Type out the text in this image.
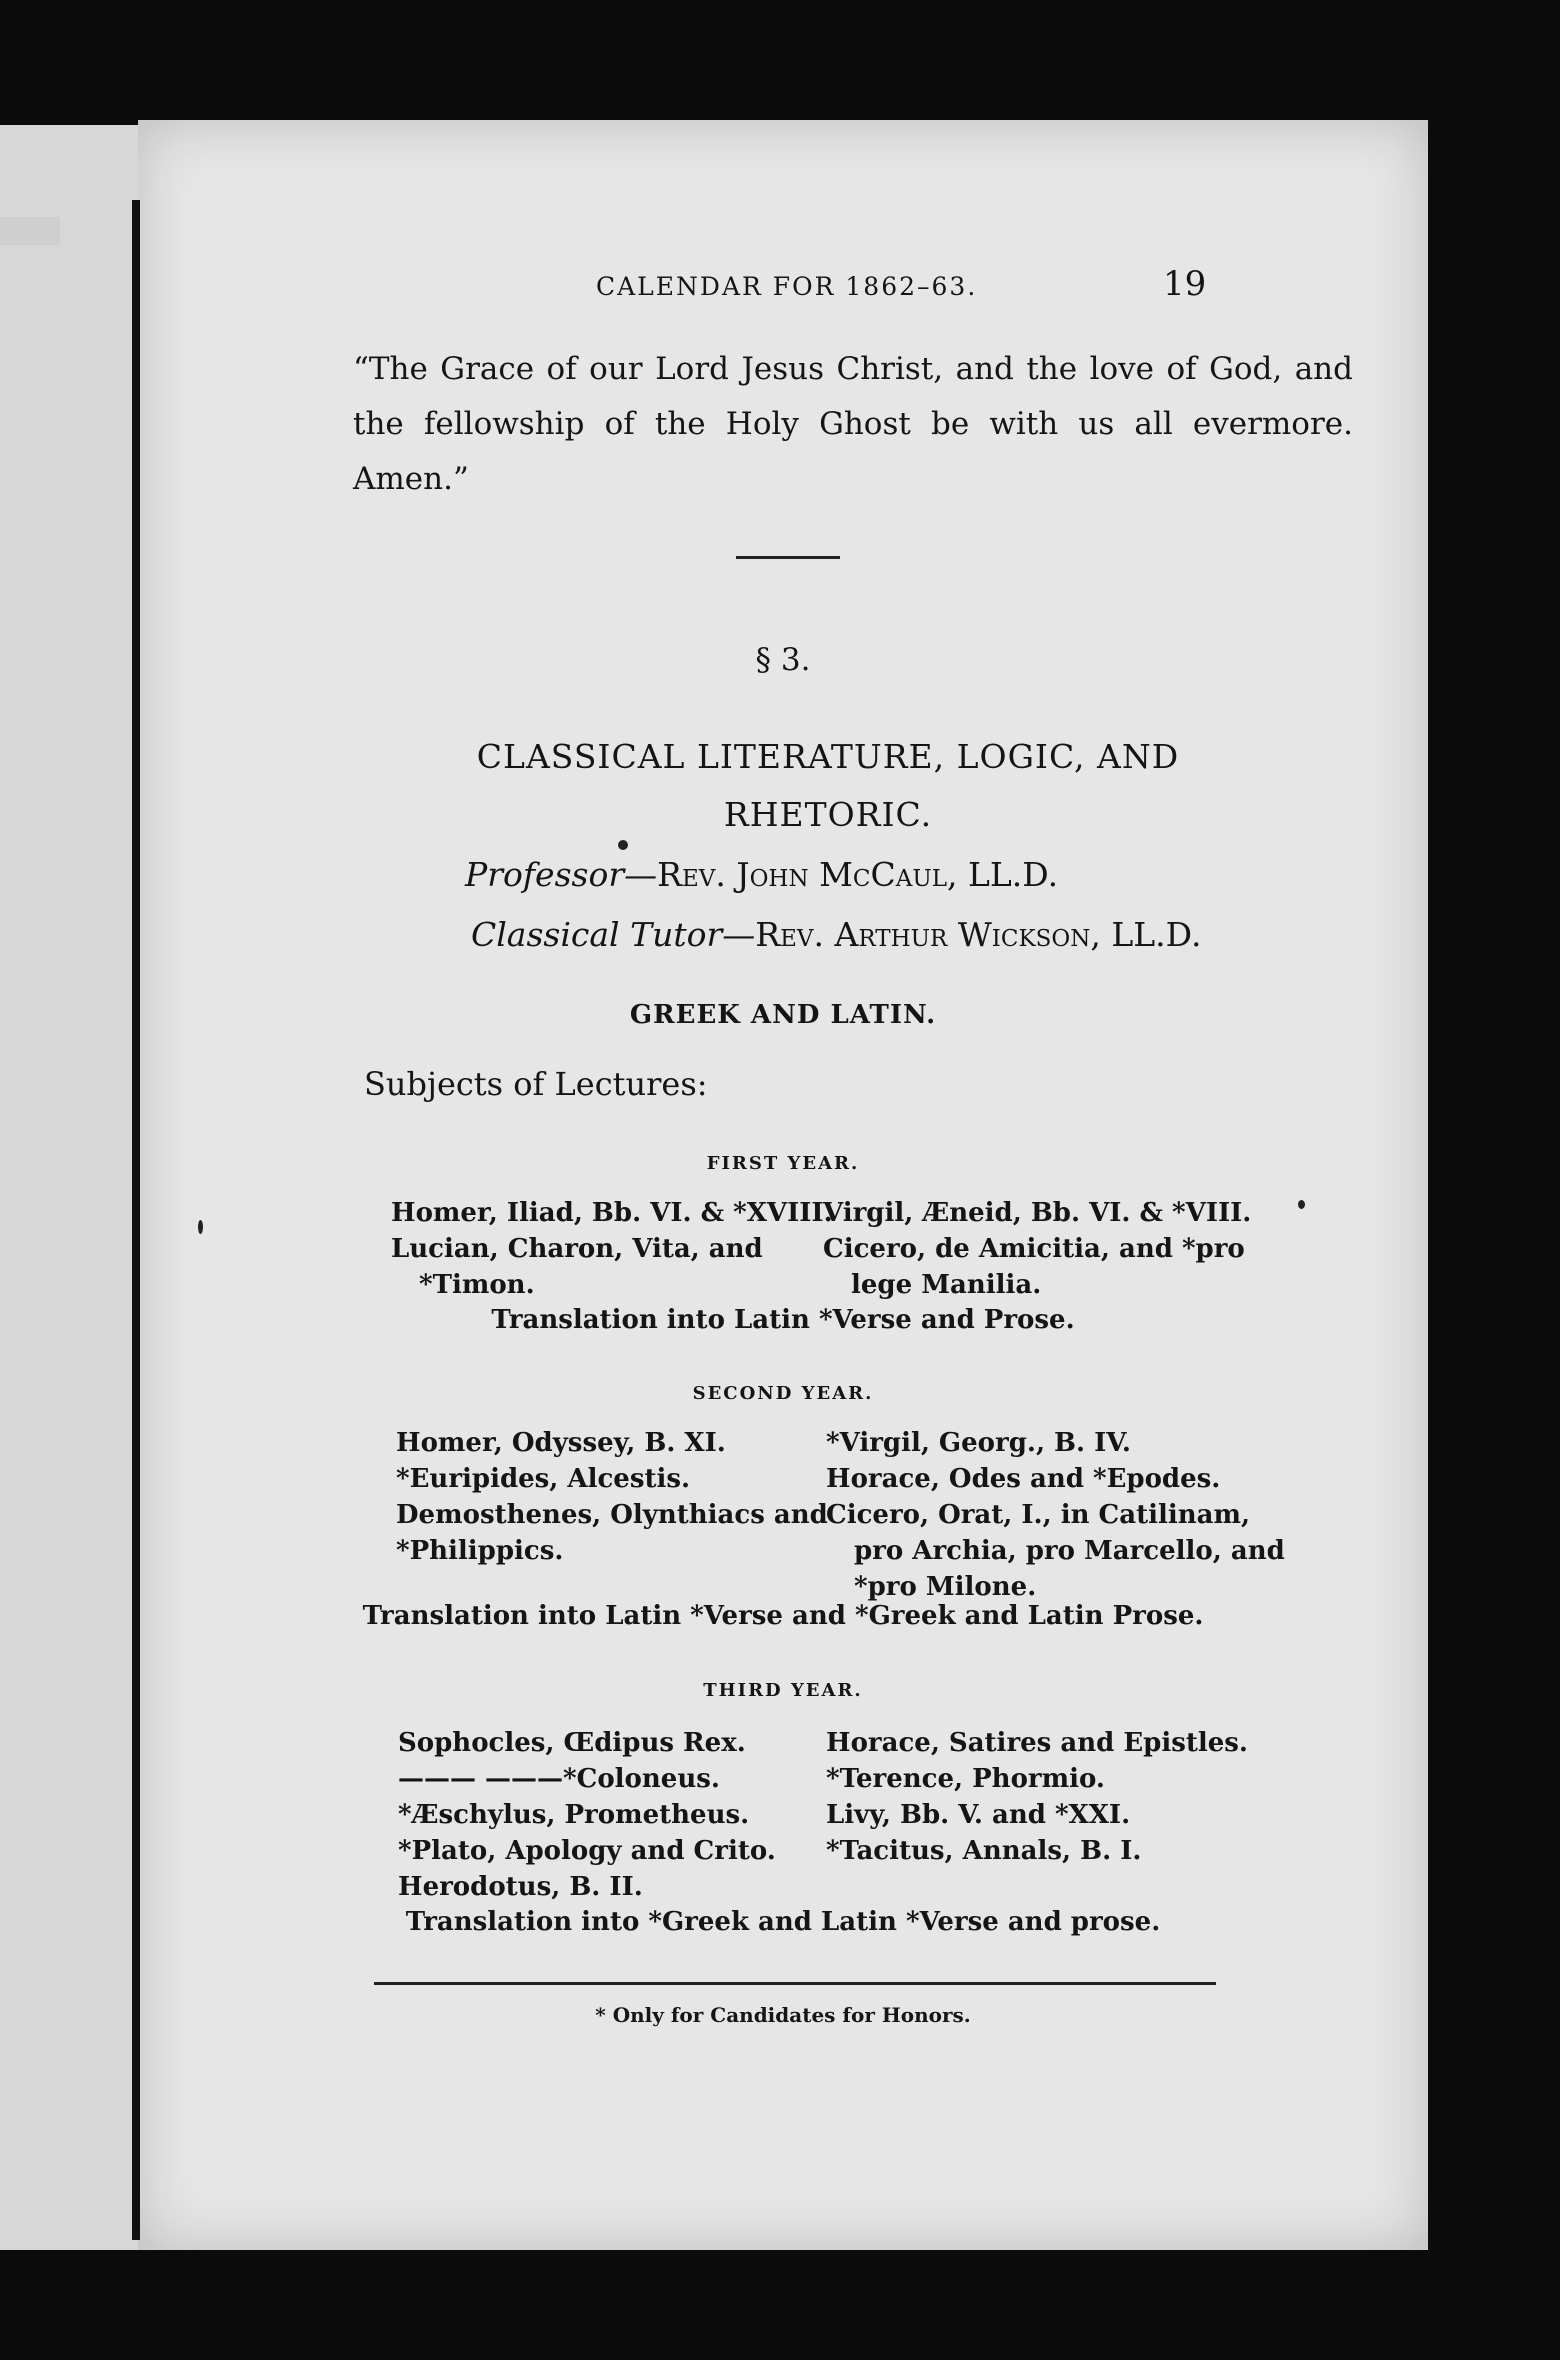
CALENDAR FOR 1862–63.	19

“The Grace of our Lord Jesus Christ, and the love of God, and the fellowship of the Holy Ghost be with us all evermore. Amen.”

§ 3.
CLASSICAL LITERATURE, LOGIC, AND
RHETORIC.
Professor—Rev. John McCaul, LL.D.
Classical Tutor—Rev. Arthur Wickson, LL.D.
GREEK AND LATIN.
Subjects of Lectures:
FIRST YEAR.
Homer, Iliad, Bb. VI. & *XVIII.
Lucian, Charon, Vita, and
*Timon.
Virgil, Æneid, Bb. VI. & *VIII.
Cicero, de Amicitia, and *pro
lege Manilia.
Translation into Latin *Verse and Prose.
SECOND YEAR.
Homer, Odyssey, B. XI.
*Euripides, Alcestis.
Demosthenes, Olynthiacs and
*Philippics.
*Virgil, Georg., B. IV.
Horace, Odes and *Epodes.
Cicero, Orat, I., in Catilinam,
pro Archia, pro Marcello, and
*pro Milone.
Translation into Latin *Verse and *Greek and Latin Prose.
THIRD YEAR.
Sophocles, Œdipus Rex.
——— ———*Coloneus.
*Æschylus, Prometheus.
*Plato, Apology and Crito.
Herodotus, B. II.
Horace, Satires and Epistles.
*Terence, Phormio.
Livy, Bb. V. and *XXI.
*Tacitus, Annals, B. I.
Translation into *Greek and Latin *Verse and prose.
* Only for Candidates for Honors.
